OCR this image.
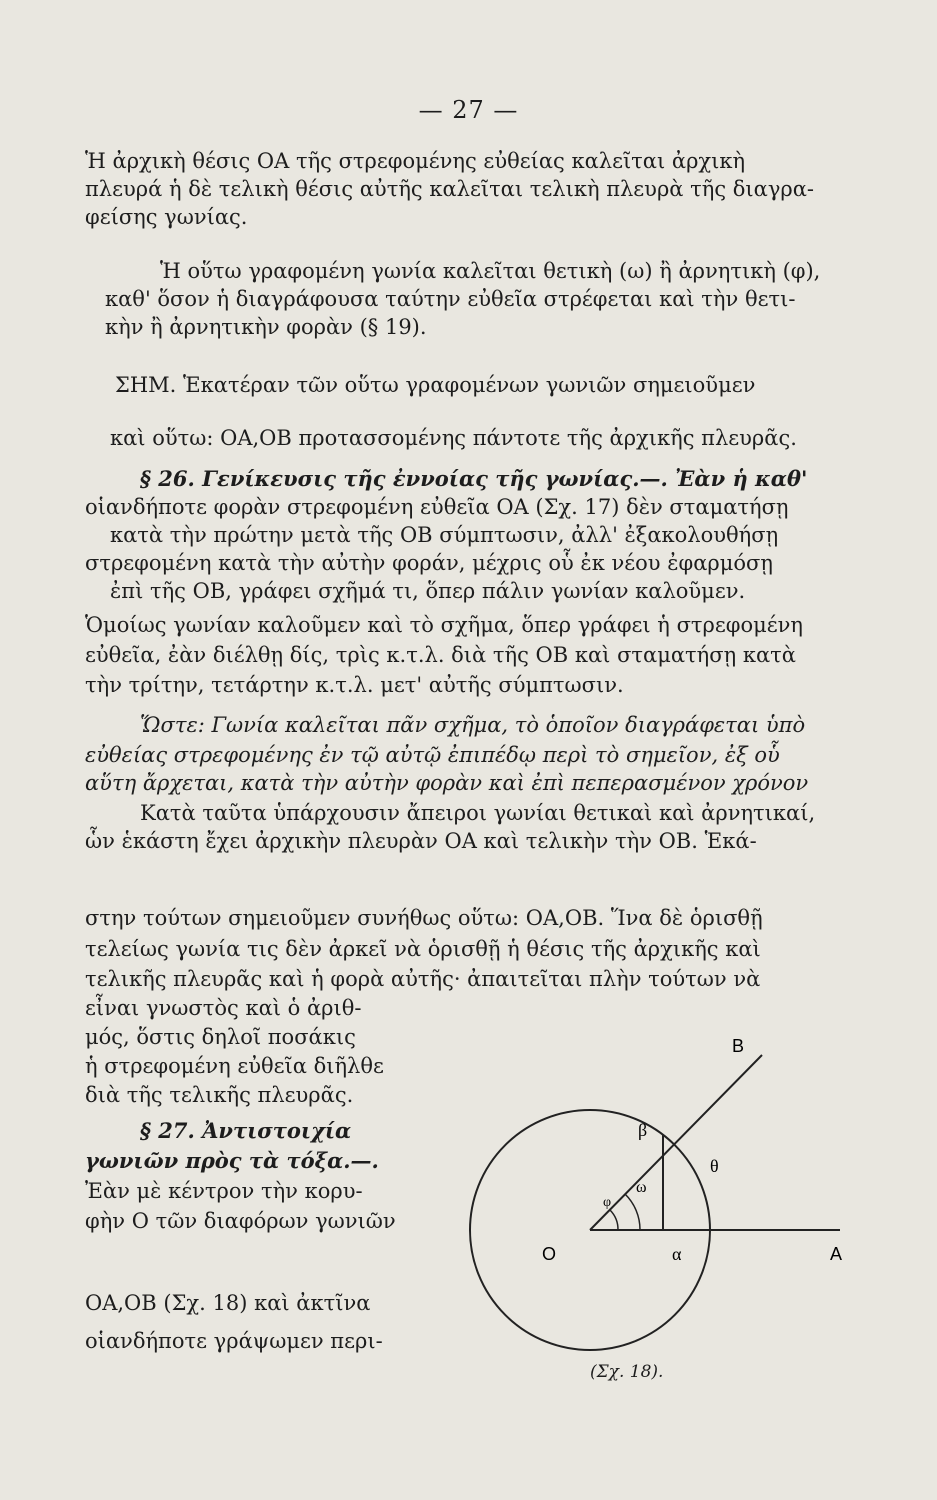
— 27 —
Ἡ ἀρχικὴ θέσις ΟΑ τῆς στρεφομένης εὐθείας καλεῖται ἀρχικὴ
πλευρά ἡ δὲ τελικὴ θέσις αὐτῆς καλεῖται τελικὴ πλευρὰ τῆς διαγρα-
φείσης γωνίας.
Ἡ οὕτω γραφομένη γωνία καλεῖται θετικὴ (ω) ἢ ἀρνητικὴ (φ),
καθ' ὅσον ἡ διαγράφουσα ταύτην εὐθεῖα στρέφεται καὶ τὴν θετι-
κὴν ἢ ἀρνητικὴν φορὰν (§ 19).
ΣΗΜ. Ἑκατέραν τῶν οὕτω γραφομένων γωνιῶν σημειοῦμεν
καὶ οὕτω: ΟΑ,ΟΒ προτασσομένης πάντοτε τῆς ἀρχικῆς πλευρᾶς.
§ 26. Γενίκευσις τῆς ἐννοίας τῆς γωνίας.—. Ἐὰν ἡ καθ'
οἱανδήποτε φορὰν στρεφομένη εὐθεῖα ΟΑ (Σχ. 17) δὲν σταματήσῃ
κατὰ τὴν πρώτην μετὰ τῆς ΟΒ σύμπτωσιν, ἀλλ' ἐξακολουθήσῃ
στρεφομένη κατὰ τὴν αὐτὴν φοράν, μέχρις οὗ ἐκ νέου ἐφαρμόσῃ
ἐπὶ τῆς ΟΒ, γράφει σχῆμά τι, ὅπερ πάλιν γωνίαν καλοῦμεν.
Ὁμοίως γωνίαν καλοῦμεν καὶ τὸ σχῆμα, ὅπερ γράφει ἡ στρεφομένη
εὐθεῖα, ἐὰν διέλθῃ δίς, τρὶς κ.τ.λ. διὰ τῆς ΟΒ καὶ σταματήσῃ κατὰ
τὴν τρίτην, τετάρτην κ.τ.λ. μετ' αὐτῆς σύμπτωσιν.
Ὥστε: Γωνία καλεῖται πᾶν σχῆμα, τὸ ὁποῖον διαγράφεται ὑπὸ
εὐθείας στρεφομένης ἐν τῷ αὐτῷ ἐπιπέδῳ περὶ τὸ σημεῖον, ἐξ οὗ
αὕτη ἄρχεται, κατὰ τὴν αὐτὴν φορὰν καὶ ἐπὶ πεπερασμένον χρόνον
Κατὰ ταῦτα ὑπάρχουσιν ἄπειροι γωνίαι θετικαὶ καὶ ἀρνητικαί,
ὧν ἑκάστη ἔχει ἀρχικὴν πλευρὰν ΟΑ καὶ τελικὴν τὴν ΟΒ. Ἑκά-
στην τούτων σημειοῦμεν συνήθως οὕτω: ΟΑ,ΟΒ. Ἵνα δὲ ὁρισθῇ
τελείως γωνία τις δὲν ἀρκεῖ νὰ ὁρισθῇ ἡ θέσις τῆς ἀρχικῆς καὶ
τελικῆς πλευρᾶς καὶ ἡ φορὰ αὐτῆς· ἀπαιτεῖται πλὴν τούτων νὰ
εἶναι γνωστὸς καὶ ὁ ἀριθ-
μός, ὅστις δηλοῖ ποσάκις
ἡ στρεφομένη εὐθεῖα διῆλθε
διὰ τῆς τελικῆς πλευρᾶς.
§ 27. Ἀντιστοιχία
γωνιῶν πρὸς τὰ τόξα.—.
Ἐὰν μὲ κέντρον τὴν κορυ-
φὴν Ο τῶν διαφόρων γωνιῶν
ΟΑ,ΟΒ (Σχ. 18) καὶ ἀκτῖνα
οἱανδήποτε γράψωμεν περι-
B
β
θ
ω
φ
O	α	A
(Σχ. 18).
